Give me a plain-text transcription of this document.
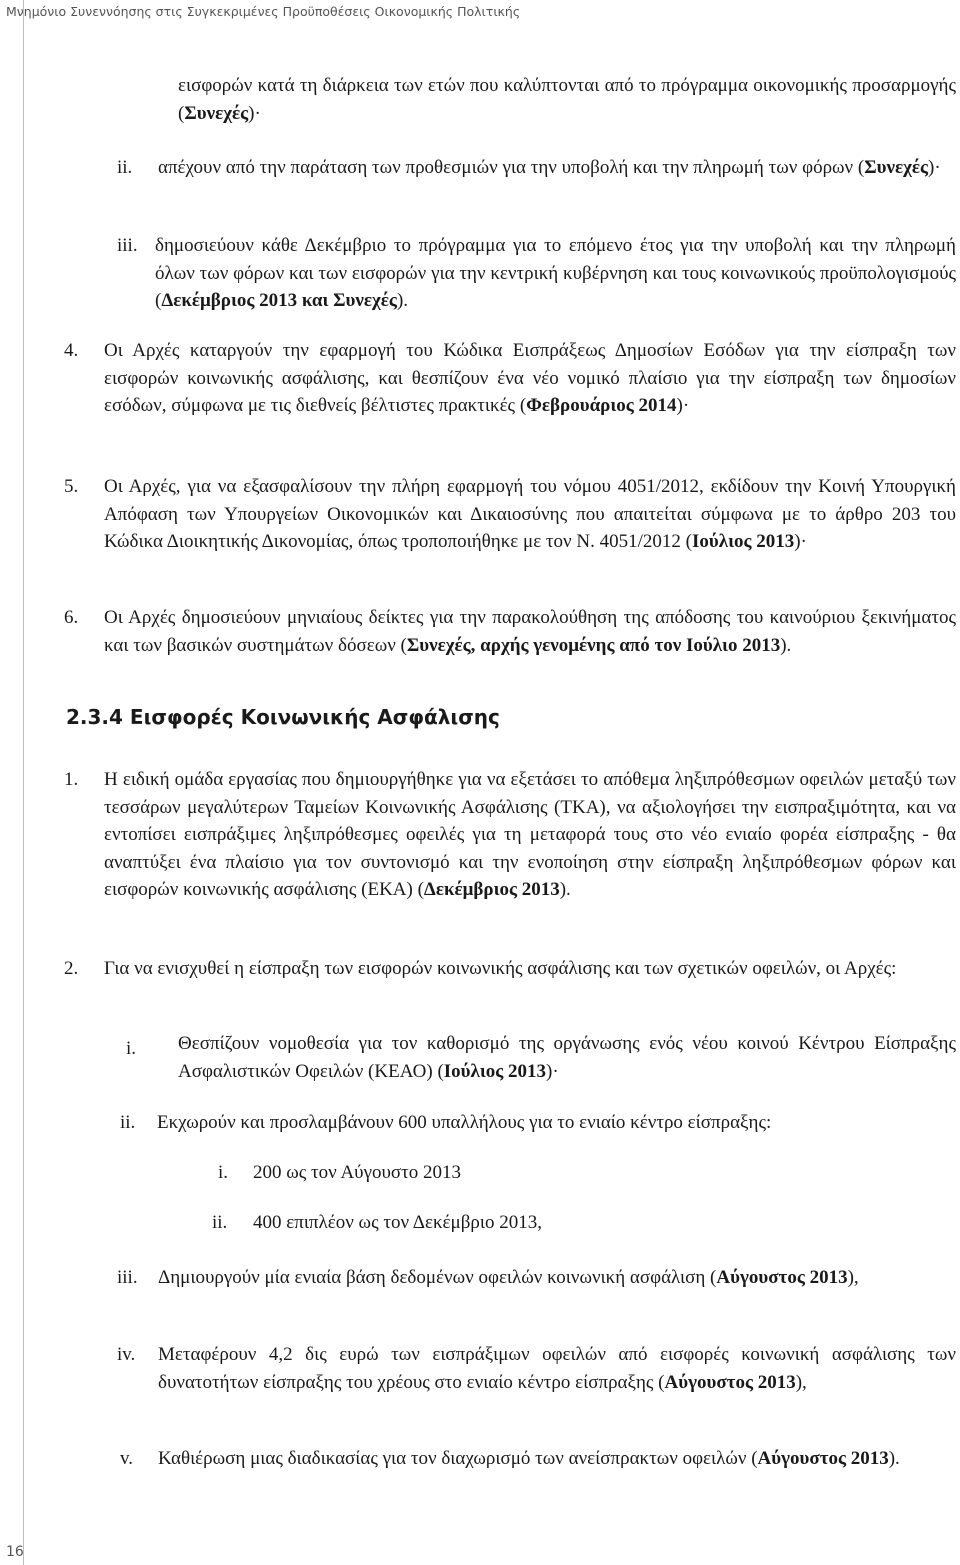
Μνημόνιο Συνεννόησης στις Συγκεκριμένες Προϋποθέσεις Οικονομικής Πολιτικής
16

εισφορών κατά τη διάρκεια των ετών που καλύπτονται από το πρόγραμμα οικονομικής προσαρμογής (Συνεχές)·

ii. απέχουν από την παράταση των προθεσμιών για την υποβολή και την πληρωμή των φόρων (Συνεχές)·

iii. δημοσιεύουν κάθε Δεκέμβριο το πρόγραμμα για το επόμενο έτος για την υποβολή και την πληρωμή όλων των φόρων και των εισφορών για την κεντρική κυβέρνηση και τους κοινωνικούς προϋπολογισμούς (Δεκέμβριος 2013 και Συνεχές).

4. Οι Αρχές καταργούν την εφαρμογή του Κώδικα Εισπράξεως Δημοσίων Εσόδων για την είσπραξη των εισφορών κοινωνικής ασφάλισης, και θεσπίζουν ένα νέο νομικό πλαίσιο για την είσπραξη των δημοσίων εσόδων, σύμφωνα με τις διεθνείς βέλτιστες πρακτικές (Φεβρουάριος 2014)·

5. Οι Αρχές, για να εξασφαλίσουν την πλήρη εφαρμογή του νόμου 4051/2012, εκδίδουν την Κοινή Υπουργική Απόφαση των Υπουργείων Οικονομικών και Δικαιοσύνης που απαιτείται σύμφωνα με το άρθρο 203 του Κώδικα Διοικητικής Δικονομίας, όπως τροποποιήθηκε με τον Ν. 4051/2012 (Ιούλιος 2013)·

6. Οι Αρχές δημοσιεύουν μηνιαίους δείκτες για την παρακολούθηση της απόδοσης του καινούριου ξεκινήματος και των βασικών συστημάτων δόσεων (Συνεχές, αρχής γενομένης από τον Ιούλιο 2013).

2.3.4 Εισφορές Κοινωνικής Ασφάλισης
1. Η ειδική ομάδα εργασίας που δημιουργήθηκε για να εξετάσει το απόθεμα ληξιπρόθεσμων οφειλών μεταξύ των τεσσάρων μεγαλύτερων Ταμείων Κοινωνικής Ασφάλισης (ΤΚΑ), να αξιολογήσει την εισπραξιμότητα, και να εντοπίσει εισπράξιμες ληξιπρόθεσμες οφειλές για τη μεταφορά τους στο νέο ενιαίο φορέα είσπραξης - θα αναπτύξει ένα πλαίσιο για τον συντονισμό και την ενοποίηση στην είσπραξη ληξιπρόθεσμων φόρων και εισφορών κοινωνικής ασφάλισης (ΕΚΑ) (Δεκέμβριος 2013).

2. Για να ενισχυθεί η είσπραξη των εισφορών κοινωνικής ασφάλισης και των σχετικών οφειλών, οι Αρχές:

i. Θεσπίζουν νομοθεσία για τον καθορισμό της οργάνωσης ενός νέου κοινού Κέντρου Είσπραξης Ασφαλιστικών Οφειλών (ΚΕΑΟ) (Ιούλιος 2013)·

ii. Εκχωρούν και προσλαμβάνουν 600 υπαλλήλους για το ενιαίο κέντρο είσπραξης:

i. 200 ως τον Αύγουστο 2013

ii. 400 επιπλέον ως τον Δεκέμβριο 2013,

iii. Δημιουργούν μία ενιαία βάση δεδομένων οφειλών κοινωνική ασφάλιση (Αύγουστος 2013),

iv. Μεταφέρουν 4,2 δις ευρώ των εισπράξιμων οφειλών από εισφορές κοινωνική ασφάλισης των δυνατοτήτων είσπραξης του χρέους στο ενιαίο κέντρο είσπραξης (Αύγουστος 2013),

v. Καθιέρωση μιας διαδικασίας για τον διαχωρισμό των ανείσπρακτων οφειλών (Αύγουστος 2013).
